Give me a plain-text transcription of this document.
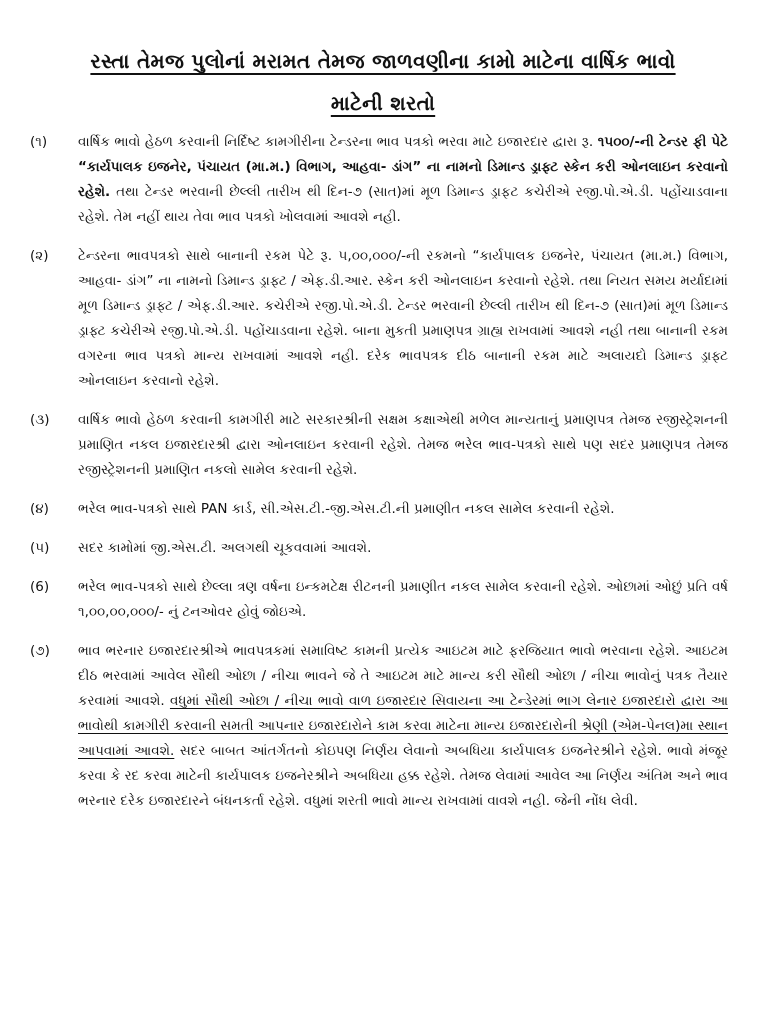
રસ્તા તેમજ પુલોનાં મરામત તેમજ જાળવણીના કામો માટેના વાર્ષિક ભાવો
માટેની શરતો
(૧)	વાર્ષિક ભાવો હેઠળ કરવાની નિર્દિષ્ટ કામગીરીના ટેન્ડરના ભાવ પત્રકો ભરવા માટે ઇજારદાર દ્વારા રૂ. ૧૫૦૦/-ની ટેન્ડર ફી પેટે “કાર્યપાલક ઇજનેર, પંચાયત (મા.મ.) વિભાગ, આહવા- ડાંગ” ના નામનો ડિમાન્ડ ડ્રાફ્ટ સ્કેન કરી ઓનલાઇન કરવાનો રહેશે. તથા ટેન્ડર ભરવાની છેલ્લી તારીખ થી દિન-૭ (સાત)માં મૂળ ડિમાન્ડ ડ્રાફટ કચેરીએ રજી.પો.એ.ડી. પહોંચાડવાના રહેશે. તેમ નહીં થાય તેવા ભાવ પત્રકો ખોલવામાં આવશે નહી.
(૨)	ટેન્ડરના ભાવપત્રકો સાથે બાનાની રકમ પેટે રૂ. ૫,૦૦,૦૦૦/-ની રકમનો “કાર્યપાલક ઇજનેર, પંચાયત (મા.મ.) વિભાગ, આહવા- ડાંગ” ના નામનો ડિમાન્ડ ડ્રાફ્ટ / એફ.ડી.આર. સ્કેન કરી ઓનલાઇન કરવાનો રહેશે. તથા નિયત સમય મર્યાદામાં મૂળ ડિમાન્ડ ડ્રાફ્ટ / એફ.ડી.આર. કચેરીએ રજી.પો.એ.ડી. ટેન્ડર ભરવાની છેલ્લી તારીખ થી દિન-૭ (સાત)માં મૂળ ડિમાન્ડ ડ્રાફ્ટ કચેરીએ રજી.પો.એ.ડી. પહોંચાડવાના રહેશે. બાના મુકતી પ્રમાણપત્ર ગ્રાહ્ય રાખવામાં આવશે નહી તથા બાનાની રકમ વગરના ભાવ પત્રકો માન્ય રાખવામાં આવશે નહી. દરેક ભાવપત્રક દીઠ બાનાની રકમ માટે અલાયદો ડિમાન્ડ ડ્રાફ્ટ ઓનલાઇન કરવાનો રહેશે.
(૩)	વાર્ષિક ભાવો હેઠળ કરવાની કામગીરી માટે સરકારશ્રીની સક્ષમ કક્ષાએથી મળેલ માન્યતાનું પ્રમાણપત્ર તેમજ રજીસ્ટ્રેશનની પ્રમાણિત નકલ ઇજારદારશ્રી દ્વારા ઓનલાઇન કરવાની રહેશે. તેમજ ભરેલ ભાવ-પત્રકો સાથે પણ સદર પ્રમાણપત્ર તેમજ રજીસ્ટ્રેશનની પ્રમાણિત નકલો સામેલ કરવાની રહેશે.
(૪)	ભરેલ ભાવ-પત્રકો સાથે PAN કાર્ડ, સી.એસ.ટી.-જી.એસ.ટી.ની પ્રમાણીત નકલ સામેલ કરવાની રહેશે.
(૫)	સદર કામોમાં જી.એસ.ટી. અલગથી ચૂકવવામાં આવશે.
(6)	ભરેલ ભાવ-પત્રકો સાથે છેલ્લા ત્રણ વર્ષના ઇન્કમટેક્ષ રીટનની પ્રમાણીત નકલ સામેલ કરવાની રહેશે. ઓછામાં ઓછું પ્રતિ વર્ષ ૧,૦૦,૦૦,૦૦૦/- નું ટનઓવર હોવું જોઇએ.
(૭)	ભાવ ભરનાર ઇજારદારશ્રીએ ભાવપત્રકમાં સમાવિષ્ટ કામની પ્રત્યેક આઇટમ માટે ફરજિયાત ભાવો ભરવાના રહેશે. આઇટમ દીઠ ભરવામાં આવેલ સૌથી ઓછા / નીચા ભાવને જે તે આઇટમ માટે માન્ય કરી સૌથી ઓછા / નીચા ભાવોનું પત્રક તૈયાર કરવામાં આવશે. વધુમાં સૌથી ઓછા / નીચા ભાવો વાળ ઇજારદાર સિવાયના આ ટેન્ડેરમાં ભાગ લેનાર ઇજારદારો દ્વારા આ ભાવોથી કામગીરી કરવાની સમતી આપનાર ઇજારદારોને કામ કરવા માટેના માન્ય ઇજારદારોની શ્રેણી (એમ-પેનલ)મા સ્થાન આપવામાં આવશે. સદર બાબત આંતર્ગતનો કોઇપણ નિર્ણય લેવાનો અબધિયા કાર્યપાલક ઇજનેરશ્રીને રહેશે. ભાવો મંજૂર કરવા કે રદ કરવા માટેની કાર્યપાલક ઇજનેરશ્રીને અબધિયા હક્ક રહેશે. તેમજ લેવામાં આવેલ આ નિર્ણય અંતિમ અને ભાવ ભરનાર દરેક ઇજારદારને બંધનકર્તા રહેશે. વધુમાં શરતી ભાવો માન્ય રાખવામાં વાવશે નહી. જેની નોંધ લેવી.
